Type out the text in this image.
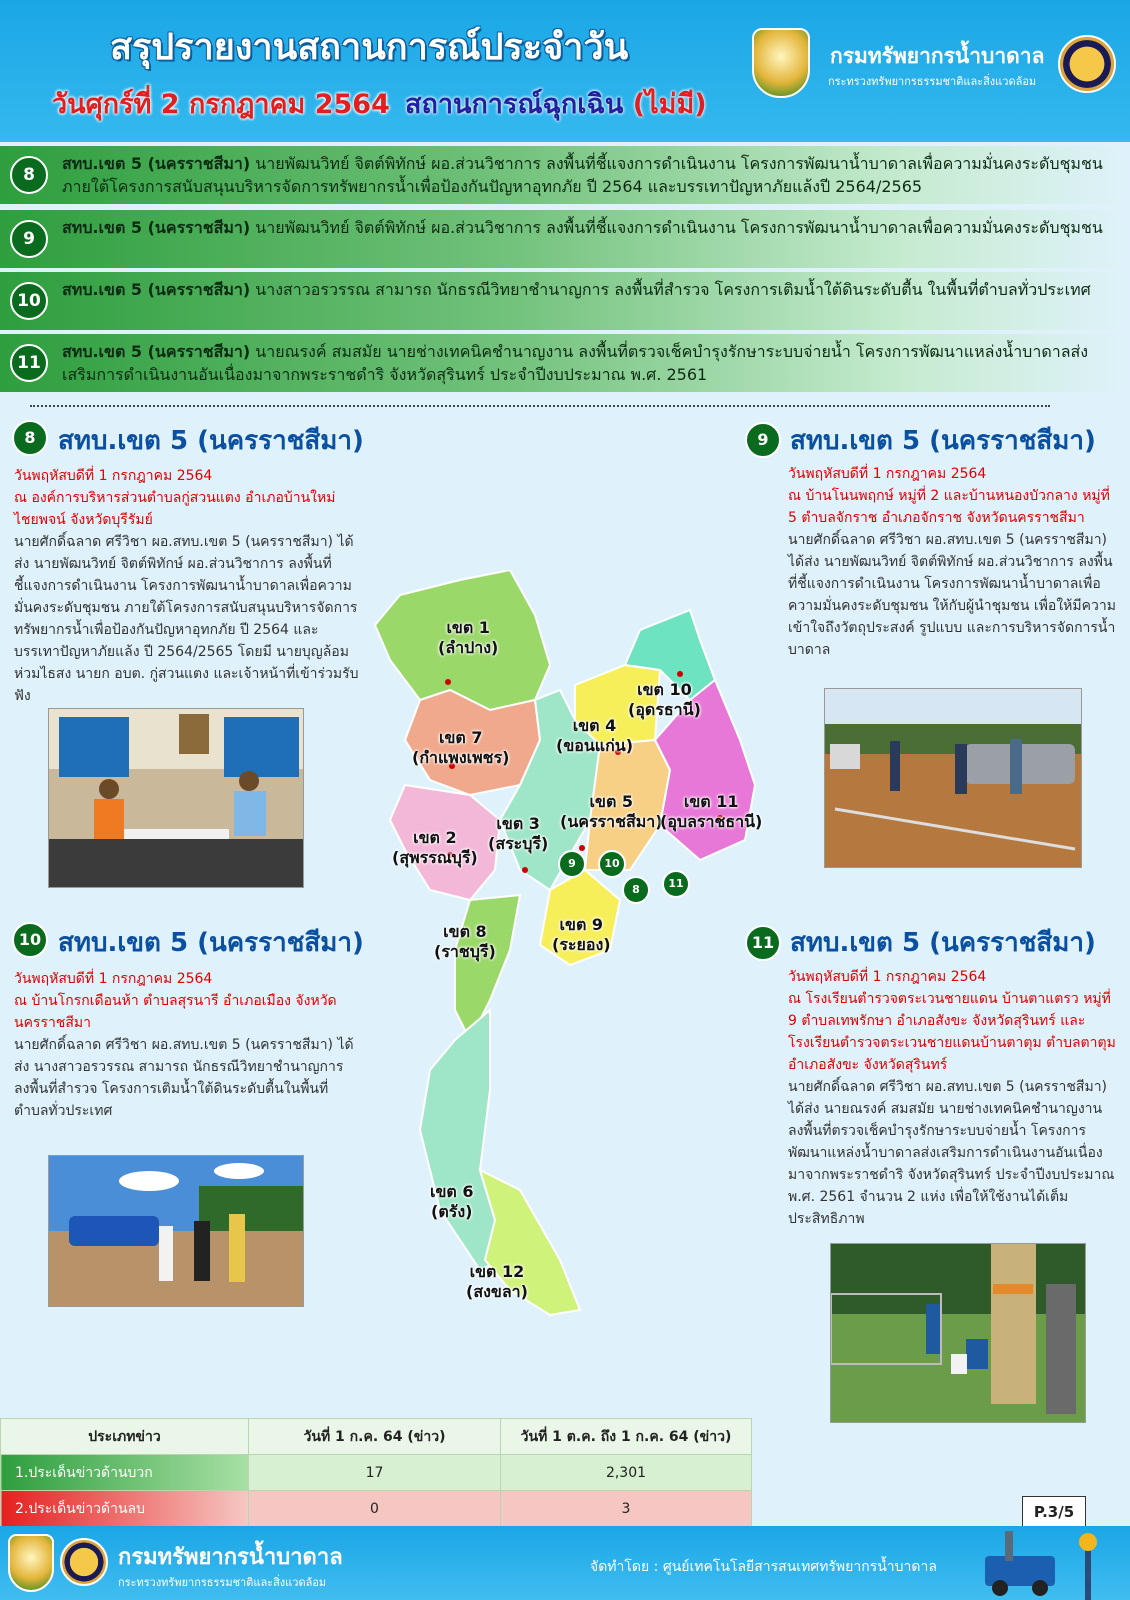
สรุปรายงานสถานการณ์ประจำวัน
วันศุกร์ที่ 2 กรกฎาคม 2564 สถานการณ์ฉุกเฉิน (ไม่มี)
กรมทรัพยากรน้ำบาดาล
กระทรวงทรัพยากรธรรมชาติและสิ่งแวดล้อม
8
สทบ.เขต 5 (นครราชสีมา) นายพัฒนวิทย์ จิตต์พิทักษ์ ผอ.ส่วนวิชาการ ลงพื้นที่ชี้แจงการดำเนินงาน โครงการพัฒนาน้ำบาดาลเพื่อความมั่นคงระดับชุมชน ภายใต้โครงการสนับสนุนบริหารจัดการทรัพยากรน้ำเพื่อป้องกันปัญหาอุทกภัย ปี 2564 และบรรเทาปัญหาภัยแล้งปี 2564/2565
9
สทบ.เขต 5 (นครราชสีมา) นายพัฒนวิทย์ จิตต์พิทักษ์ ผอ.ส่วนวิชาการ ลงพื้นที่ชี้แจงการดำเนินงาน โครงการพัฒนาน้ำบาดาลเพื่อความมั่นคงระดับชุมชน
10
สทบ.เขต 5 (นครราชสีมา) นางสาวอรวรรณ สามารถ นักธรณีวิทยาชำนาญการ ลงพื้นที่สำรวจ โครงการเติมน้ำใต้ดินระดับตื้น ในพื้นที่ตำบลทั่วประเทศ
11
สทบ.เขต 5 (นครราชสีมา) นายณรงค์ สมสมัย นายช่างเทคนิคชำนาญงาน ลงพื้นที่ตรวจเช็คบำรุงรักษาระบบจ่ายน้ำ โครงการพัฒนาแหล่งน้ำบาดาลส่งเสริมการดำเนินงานอันเนื่องมาจากพระราชดำริ จังหวัดสุรินทร์ ประจำปีงบประมาณ พ.ศ. 2561
8 สทบ.เขต 5 (นครราชสีมา)
วันพฤหัสบดีที่ 1 กรกฎาคม 2564
ณ องค์การบริหารส่วนตำบลกู่สวนแตง อำเภอบ้านใหม่ไชยพจน์ จังหวัดบุรีรัมย์
นายศักดิ์ฉลาด ศรีวิชา ผอ.สทบ.เขต 5 (นครราชสีมา) ได้ส่ง นายพัฒนวิทย์ จิตต์พิทักษ์ ผอ.ส่วนวิชาการ ลงพื้นที่ชี้แจงการดำเนินงาน โครงการพัฒนาน้ำบาดาลเพื่อความมั่นคงระดับชุมชน ภายใต้โครงการสนับสนุนบริหารจัดการทรัพยากรน้ำเพื่อป้องกันปัญหาอุทกภัย ปี 2564 และบรรเทาปัญหาภัยแล้ง ปี 2564/2565 โดยมี นายบุญล้อม ห่วมไธสง นายก อบต. กู่สวนแตง และเจ้าหน้าที่เข้าร่วมรับฟัง
10 สทบ.เขต 5 (นครราชสีมา)
วันพฤหัสบดีที่ 1 กรกฎาคม 2564
ณ บ้านโกรกเดือนห้า ตำบลสุรนารี อำเภอเมือง จังหวัดนครราชสีมา
นายศักดิ์ฉลาด ศรีวิชา ผอ.สทบ.เขต 5 (นครราชสีมา) ได้ส่ง นางสาวอรวรรณ สามารถ นักธรณีวิทยาชำนาญการ ลงพื้นที่สำรวจ โครงการเติมน้ำใต้ดินระดับตื้นในพื้นที่ตำบลทั่วประเทศ
9 สทบ.เขต 5 (นครราชสีมา)
วันพฤหัสบดีที่ 1 กรกฎาคม 2564
ณ บ้านโนนพฤกษ์ หมู่ที่ 2 และบ้านหนองบัวกลาง หมู่ที่ 5 ตำบลจักราช อำเภอจักราช จังหวัดนครราชสีมา
นายศักดิ์ฉลาด ศรีวิชา ผอ.สทบ.เขต 5 (นครราชสีมา) ได้ส่ง นายพัฒนวิทย์ จิตต์พิทักษ์ ผอ.ส่วนวิชาการ ลงพื้นที่ชี้แจงการดำเนินงาน โครงการพัฒนาน้ำบาดาลเพื่อความมั่นคงระดับชุมชน ให้กับผู้นำชุมชน เพื่อให้มีความเข้าใจถึงวัตถุประสงค์ รูปแบบ และการบริหารจัดการน้ำบาดาล
11 สทบ.เขต 5 (นครราชสีมา)
วันพฤหัสบดีที่ 1 กรกฎาคม 2564
ณ โรงเรียนตำรวจตระเวนชายแดน บ้านตาแตรว หมู่ที่ 9 ตำบลเทพรักษา อำเภอสังขะ จังหวัดสุรินทร์ และโรงเรียนตำรวจตระเวนชายแดนบ้านตาตุม ตำบลตาตุม อำเภอสังขะ จังหวัดสุรินทร์
นายศักดิ์ฉลาด ศรีวิชา ผอ.สทบ.เขต 5 (นครราชสีมา) ได้ส่ง นายณรงค์ สมสมัย นายช่างเทคนิคชำนาญงาน ลงพื้นที่ตรวจเช็คบำรุงรักษาระบบจ่ายน้ำ โครงการพัฒนาแหล่งน้ำบาดาลส่งเสริมการดำเนินงานอันเนื่องมาจากพระราชดำริ จังหวัดสุรินทร์ ประจำปีงบประมาณ พ.ศ. 2561 จำนวน 2 แห่ง เพื่อให้ใช้งานได้เต็มประสิทธิภาพ
เขต 1
(ลำปาง)
เขต 7
(กำแพงเพชร)
เขต 2
(สุพรรณบุรี)
เขต 3
(สระบุรี)
เขต 4
(ขอนแก่น)
เขต 5
(นครราชสีมา)
เขต 10
(อุดรธานี)
เขต 11
(อุบลราชธานี)
เขต 8
(ราชบุรี)
เขต 9
(ระยอง)
เขต 6
(ตรัง)
เขต 12
(สงขลา)
9	10
8	11
ประเภทข่าว	วันที่ 1 ก.ค. 64 (ข่าว)	วันที่ 1 ต.ค. ถึง 1 ก.ค. 64 (ข่าว)
1.ประเด็นข่าวด้านบวก	17	2,301
2.ประเด็นข่าวด้านลบ	0	3	P.3/5
กรมทรัพยากรน้ำบาดาล
กระทรวงทรัพยากรธรรมชาติและสิ่งแวดล้อม
จัดทำโดย : ศูนย์เทคโนโลยีสารสนเทศทรัพยากรน้ำบาดาล
